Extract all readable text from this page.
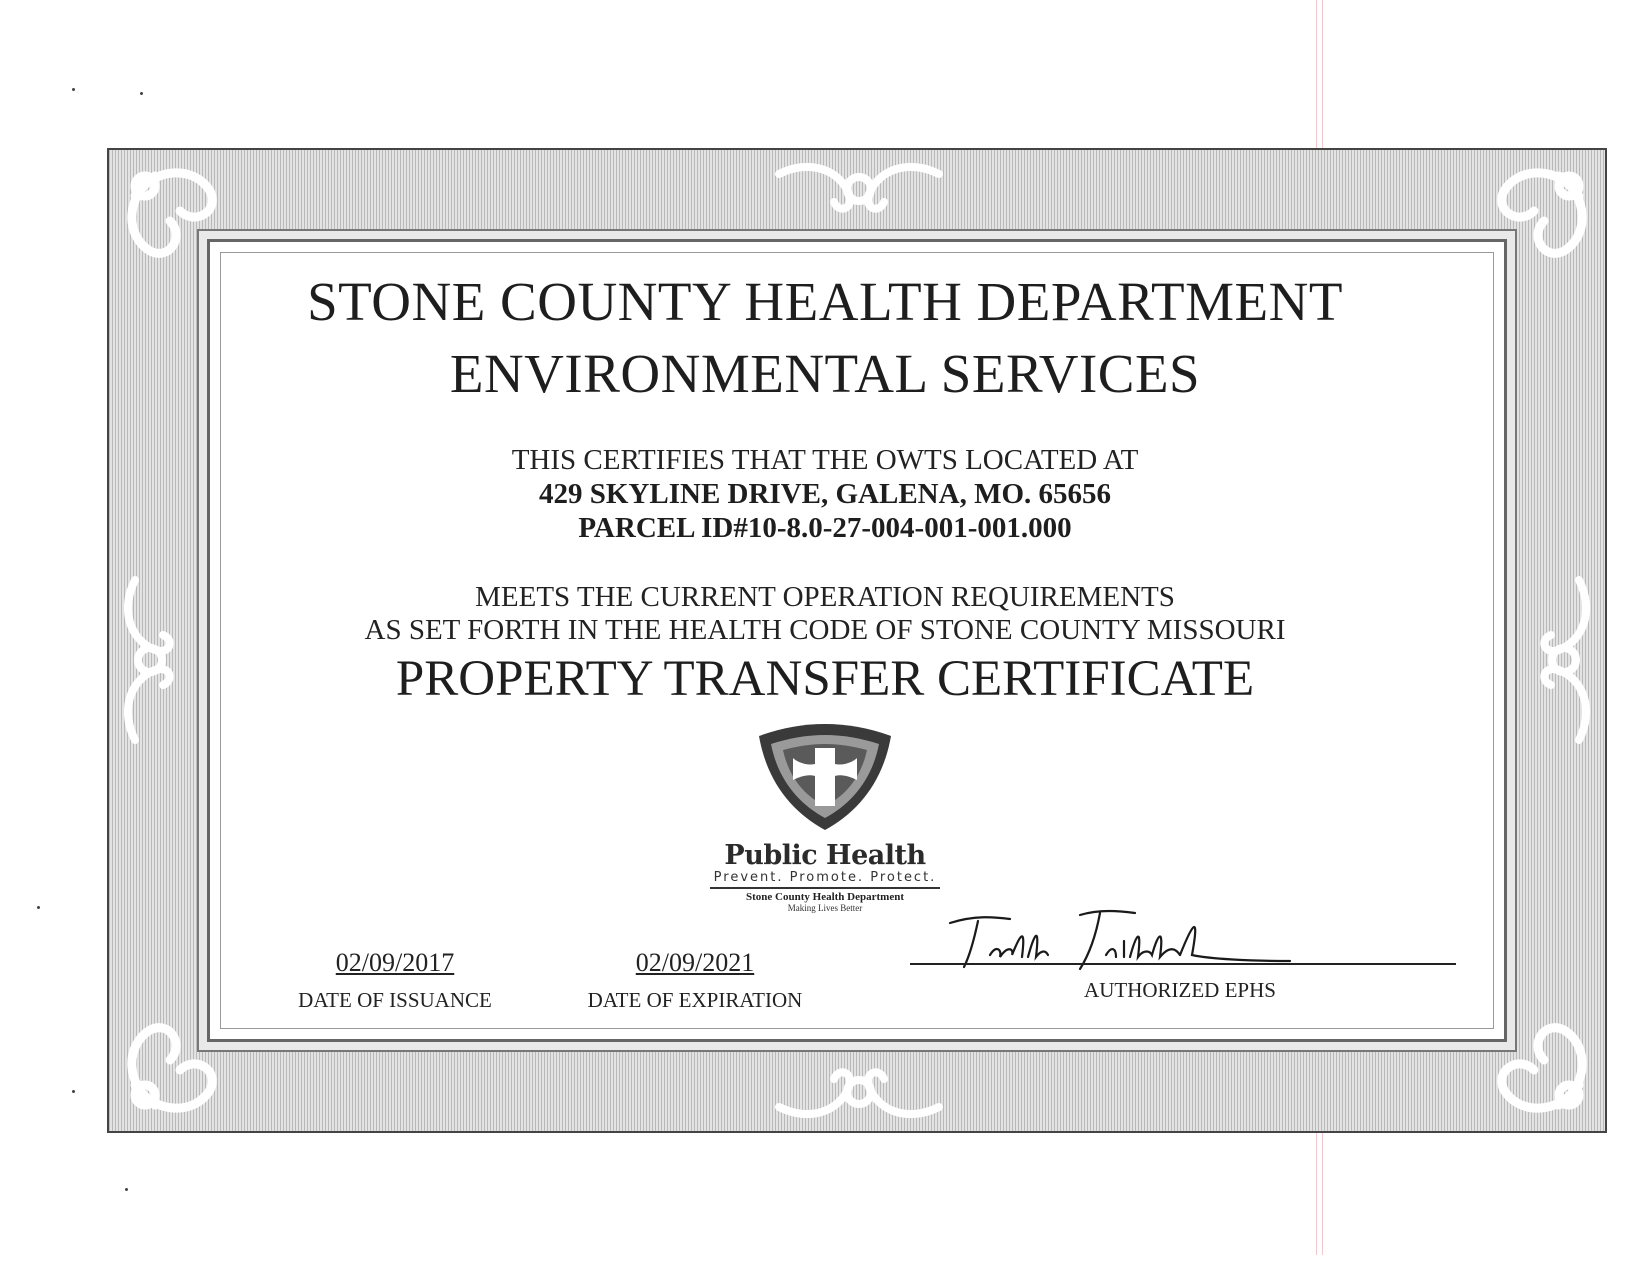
STONE COUNTY HEALTH DEPARTMENT
ENVIRONMENTAL SERVICES
THIS CERTIFIES THAT THE OWTS LOCATED AT
429 SKYLINE DRIVE, GALENA, MO. 65656
PARCEL ID#10-8.0-27-004-001-001.000
MEETS THE CURRENT OPERATION REQUIREMENTS
AS SET FORTH IN THE HEALTH CODE OF STONE COUNTY MISSOURI
PROPERTY TRANSFER CERTIFICATE
Public Health
Prevent. Promote. Protect.
Stone County Health Department
Making Lives Better
02/09/2017
DATE OF ISSUANCE
02/09/2021
DATE OF EXPIRATION	AUTHORIZED EPHS
